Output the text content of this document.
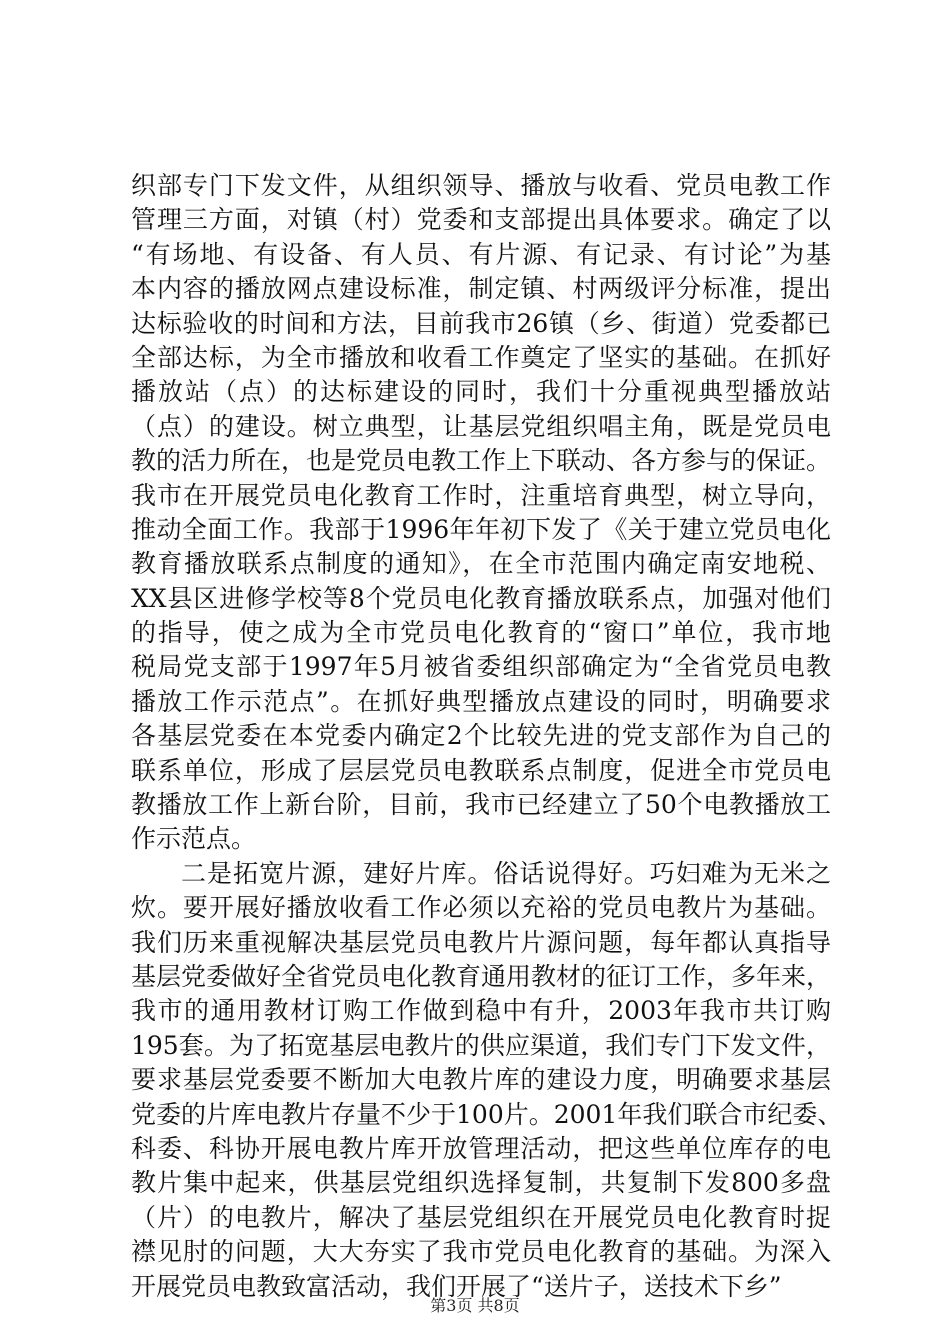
织部专门下发文件，从组织领导、播放与收看、党员电教工作
管理三方面，对镇（村）党委和支部提出具体要求。确定了以
“有场地、有设备、有人员、有片源、有记录、有讨论”为基
本内容的播放网点建设标准，制定镇、村两级评分标准，提出
达标验收的时间和方法，目前我市26镇（乡、街道）党委都已
全部达标，为全市播放和收看工作奠定了坚实的基础。在抓好
播放站（点）的达标建设的同时，我们十分重视典型播放站
（点）的建设。树立典型，让基层党组织唱主角，既是党员电
教的活力所在，也是党员电教工作上下联动、各方参与的保证。
我市在开展党员电化教育工作时，注重培育典型，树立导向，
推动全面工作。我部于1996年年初下发了《关于建立党员电化
教育播放联系点制度的通知》，在全市范围内确定南安地税、
XX县区进修学校等8个党员电化教育播放联系点，加强对他们
的指导，使之成为全市党员电化教育的“窗口”单位，我市地
税局党支部于1997年5月被省委组织部确定为“全省党员电教
播放工作示范点”。在抓好典型播放点建设的同时，明确要求
各基层党委在本党委内确定2个比较先进的党支部作为自己的
联系单位，形成了层层党员电教联系点制度，促进全市党员电
教播放工作上新台阶，目前，我市已经建立了50个电教播放工
作示范点。
二是拓宽片源，建好片库。俗话说得好。巧妇难为无米之
炊。要开展好播放收看工作必须以充裕的党员电教片为基础。
我们历来重视解决基层党员电教片片源问题，每年都认真指导
基层党委做好全省党员电化教育通用教材的征订工作，多年来，
我市的通用教材订购工作做到稳中有升，2003年我市共订购
195套。为了拓宽基层电教片的供应渠道，我们专门下发文件，
要求基层党委要不断加大电教片库的建设力度，明确要求基层
党委的片库电教片存量不少于100片。2001年我们联合市纪委、
科委、科协开展电教片库开放管理活动，把这些单位库存的电
教片集中起来，供基层党组织选择复制，共复制下发800多盘
（片）的电教片，解决了基层党组织在开展党员电化教育时捉
襟见肘的问题，大大夯实了我市党员电化教育的基础。为深入
开展党员电教致富活动，我们开展了“送片子，送技术下乡”
第3页 共8页
